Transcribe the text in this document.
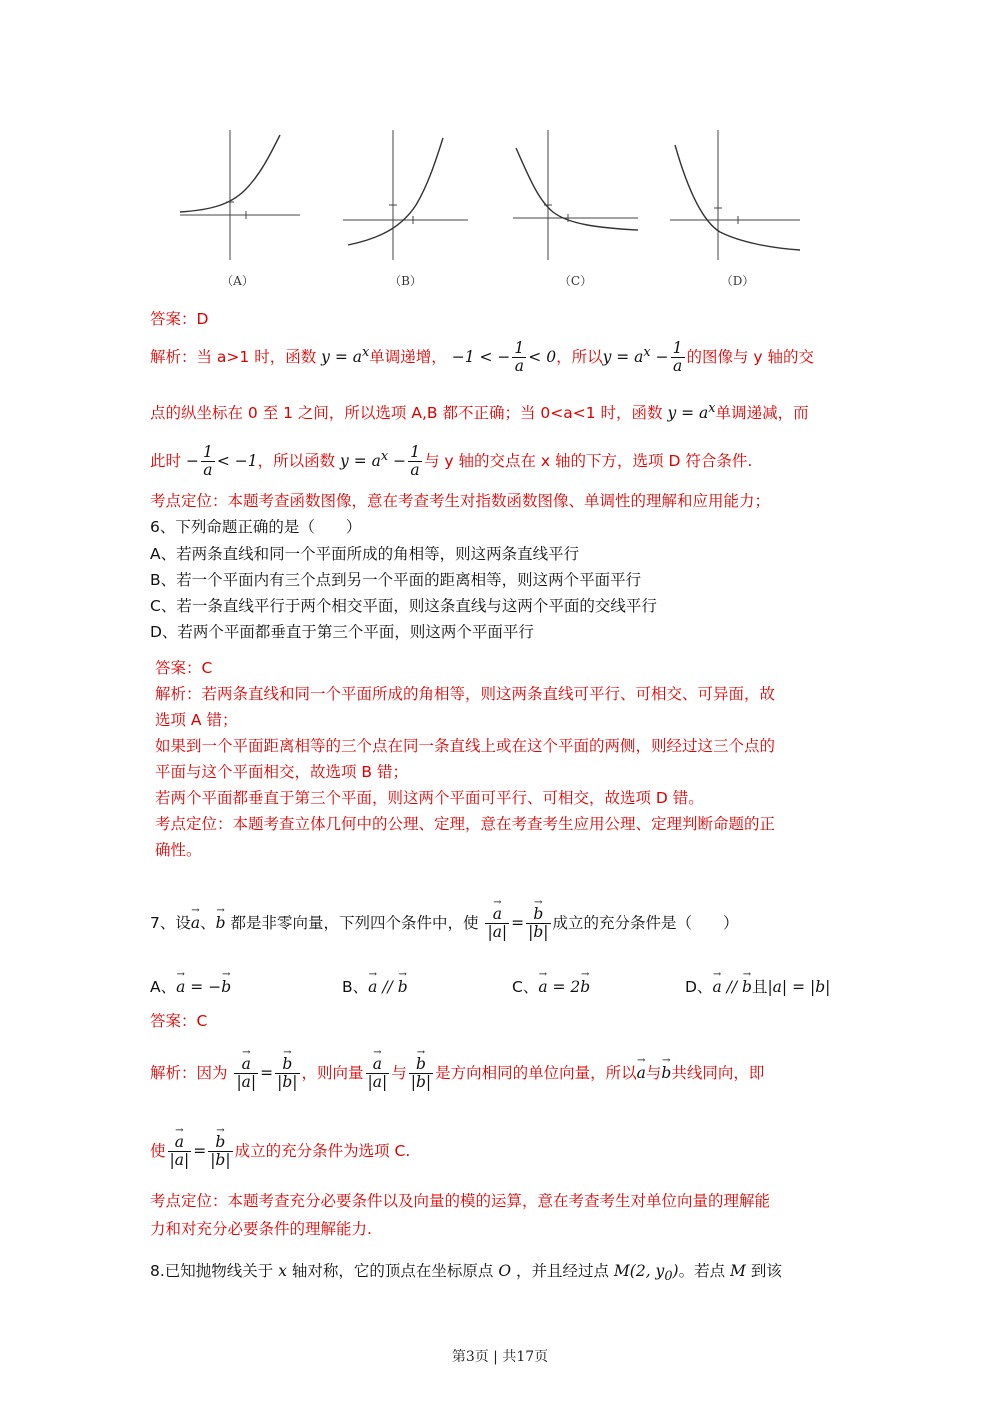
（A）	（B）	（C）	（D）
答案：D
解析：当 a>1 时，函数 $y = a^x$单调递增， −1 < − $\frac{1}{a} < 0$，所以$y = a^x - \frac{1}{a}$ 的图像与 y 轴的交
点的纵坐标在 0 至 1 之间，所以选项 A,B 都不正确；当 0<a<1 时，函数 $y = a^x$单调递减，而
此时 − $\frac{1}{a} < -1$，所以函数 $y = a^x - \frac{1}{a}$ 与 y 轴的交点在 x 轴的下方，选项 D 符合条件.
考点定位：本题考查函数图像，意在考查考生对指数函数图像、单调性的理解和应用能力；
6、下列命题正确的是（　　）
A、若两条直线和同一个平面所成的角相等，则这两条直线平行
B、若一个平面内有三个点到另一个平面的距离相等，则这两个平面平行
C、若一条直线平行于两个相交平面，则这条直线与这两个平面的交线平行
D、若两个平面都垂直于第三个平面，则这两个平面平行
答案：C
解析：若两条直线和同一个平面所成的角相等，则这两条直线可平行、可相交、可异面，故
选项 A 错；
如果到一个平面距离相等的三个点在同一条直线上或在这个平面的两侧，则经过这三个点的
平面与这个平面相交，故选项 B 错；
若两个平面都垂直于第三个平面，则这两个平面可平行、可相交，故选项 D 错。
考点定位：本题考查立体几何中的公理、定理，意在考查考生应用公理、定理判断命题的正
确性。
7、设→ a、→ b 都是非零向量，下列四个条件中，使 → $\frac{a}{|a|}$ = → $\frac{b}{|b|}$ 成立的充分条件是（　　）
A、→ a = −→ b	B、→ a // → b	C、→ a = 2→ b	D、→ a // → b且|a| = |b|
答案：C
解析：因为 → $\frac{a}{|a|}$ = → $\frac{b}{|b|}$ ，则向量 → $\frac{a}{|a|}$ 与 → $\frac{b}{|b|}$ 是方向相同的单位向量，所以→ a与→ b共线同向，即
使 → $\frac{a}{|a|}$ = → $\frac{b}{|b|}$ 成立的充分条件为选项 C.
考点定位：本题考查充分必要条件以及向量的模的运算，意在考查考生对单位向量的理解能
力和对充分必要条件的理解能力.
8.已知抛物线关于 x 轴对称，它的顶点在坐标原点 O ，并且经过点 M(2, $y_0$)。若点 M 到该
第3页 | 共17页
